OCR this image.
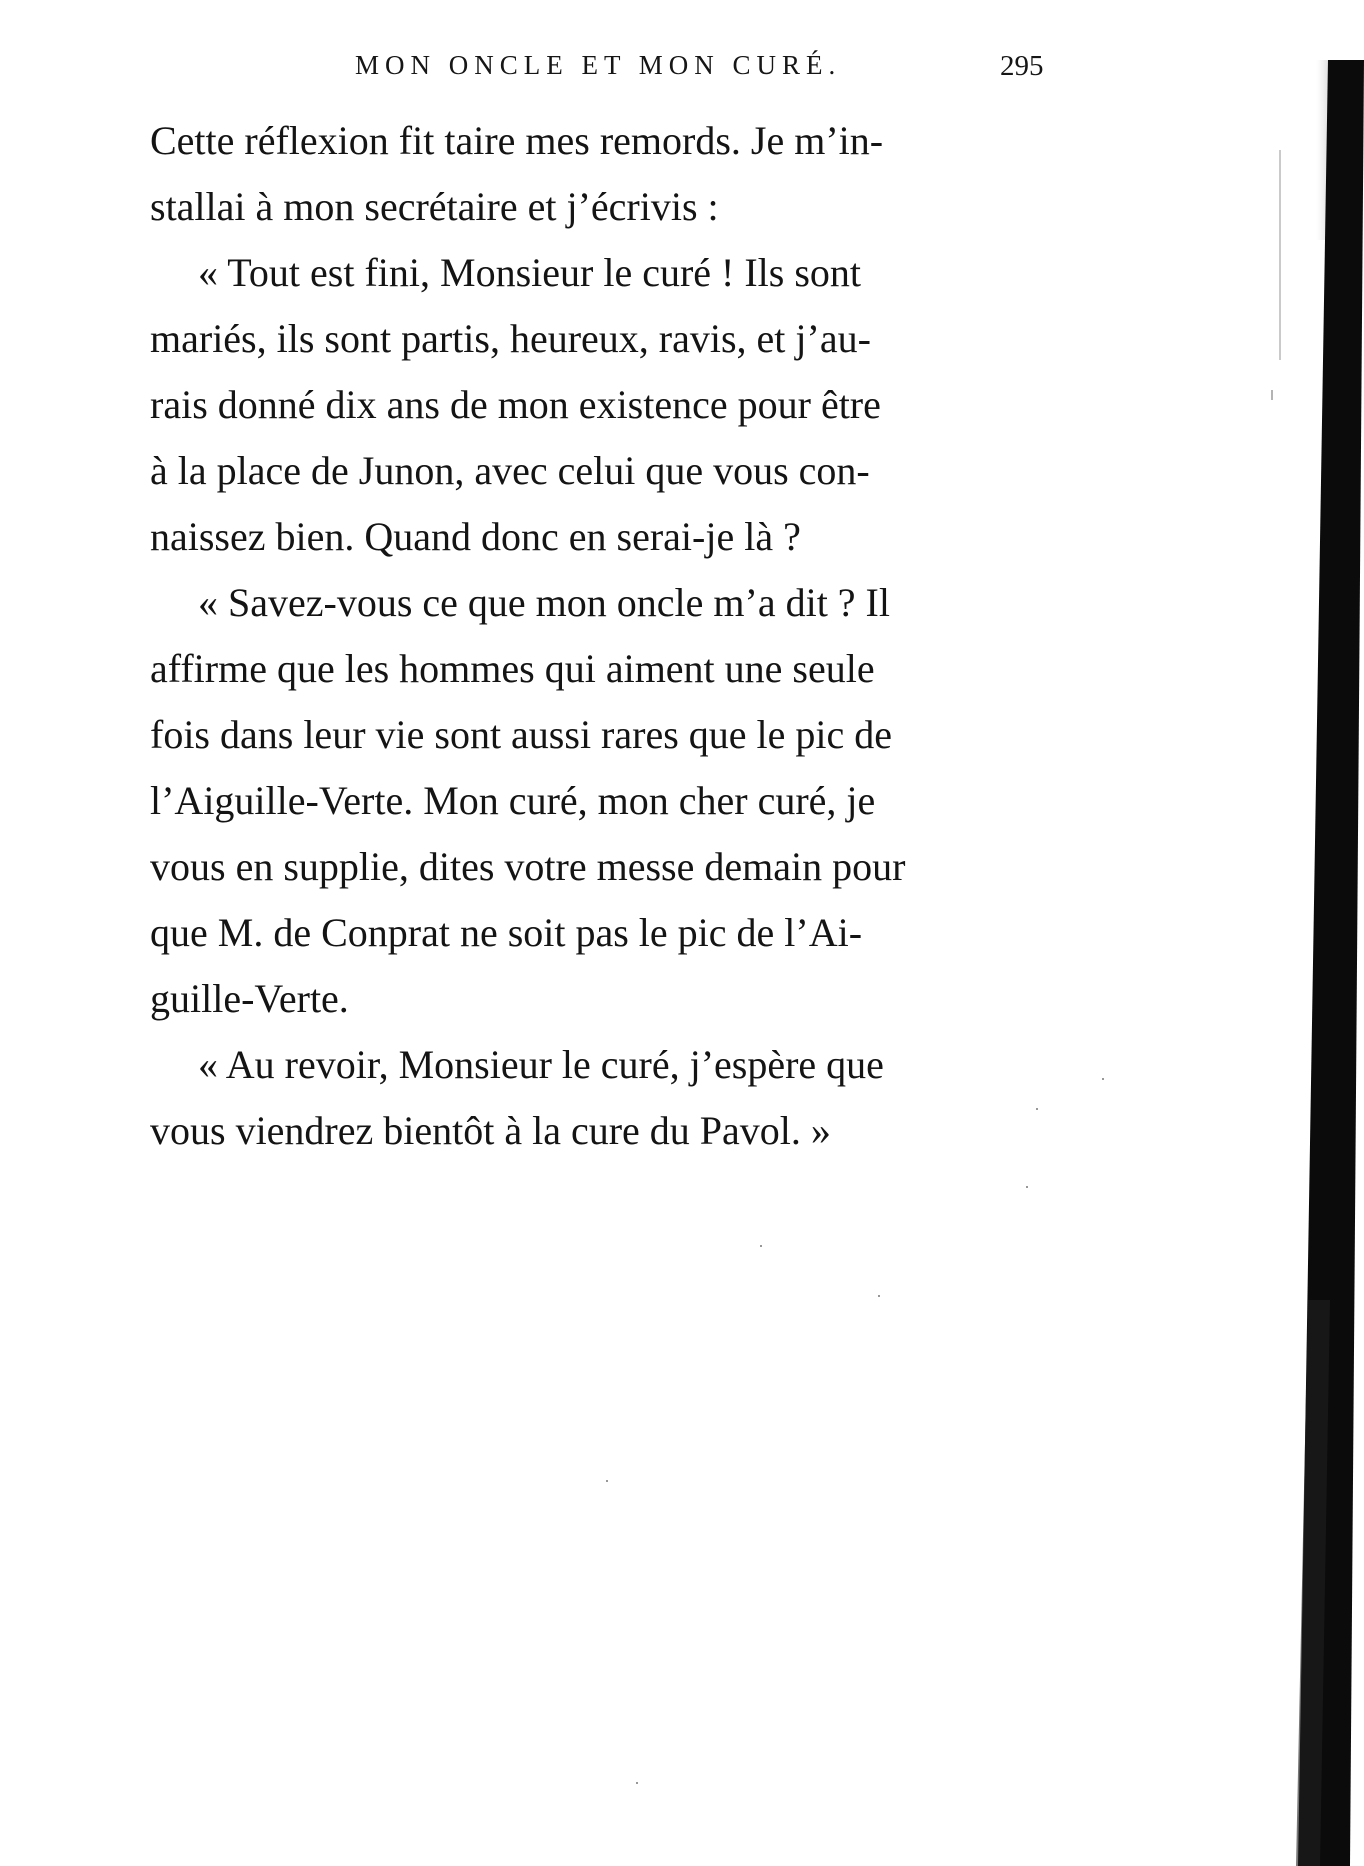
MON ONCLE ET MON CURÉ.	295

Cette réflexion fit taire mes remords. Je m’in-
stallai à mon secrétaire et j’écrivis :

« Tout est fini, Monsieur le curé ! Ils sont
mariés, ils sont partis, heureux, ravis, et j’au-
rais donné dix ans de mon existence pour être
à la place de Junon, avec celui que vous con-
naissez bien. Quand donc en serai-je là ?

« Savez-vous ce que mon oncle m’a dit ? Il
affirme que les hommes qui aiment une seule
fois dans leur vie sont aussi rares que le pic de
l’Aiguille-Verte. Mon curé, mon cher curé, je
vous en supplie, dites votre messe demain pour
que M. de Conprat ne soit pas le pic de l’Ai-
guille-Verte.

« Au revoir, Monsieur le curé, j’espère que
vous viendrez bientôt à la cure du Pavol. »
